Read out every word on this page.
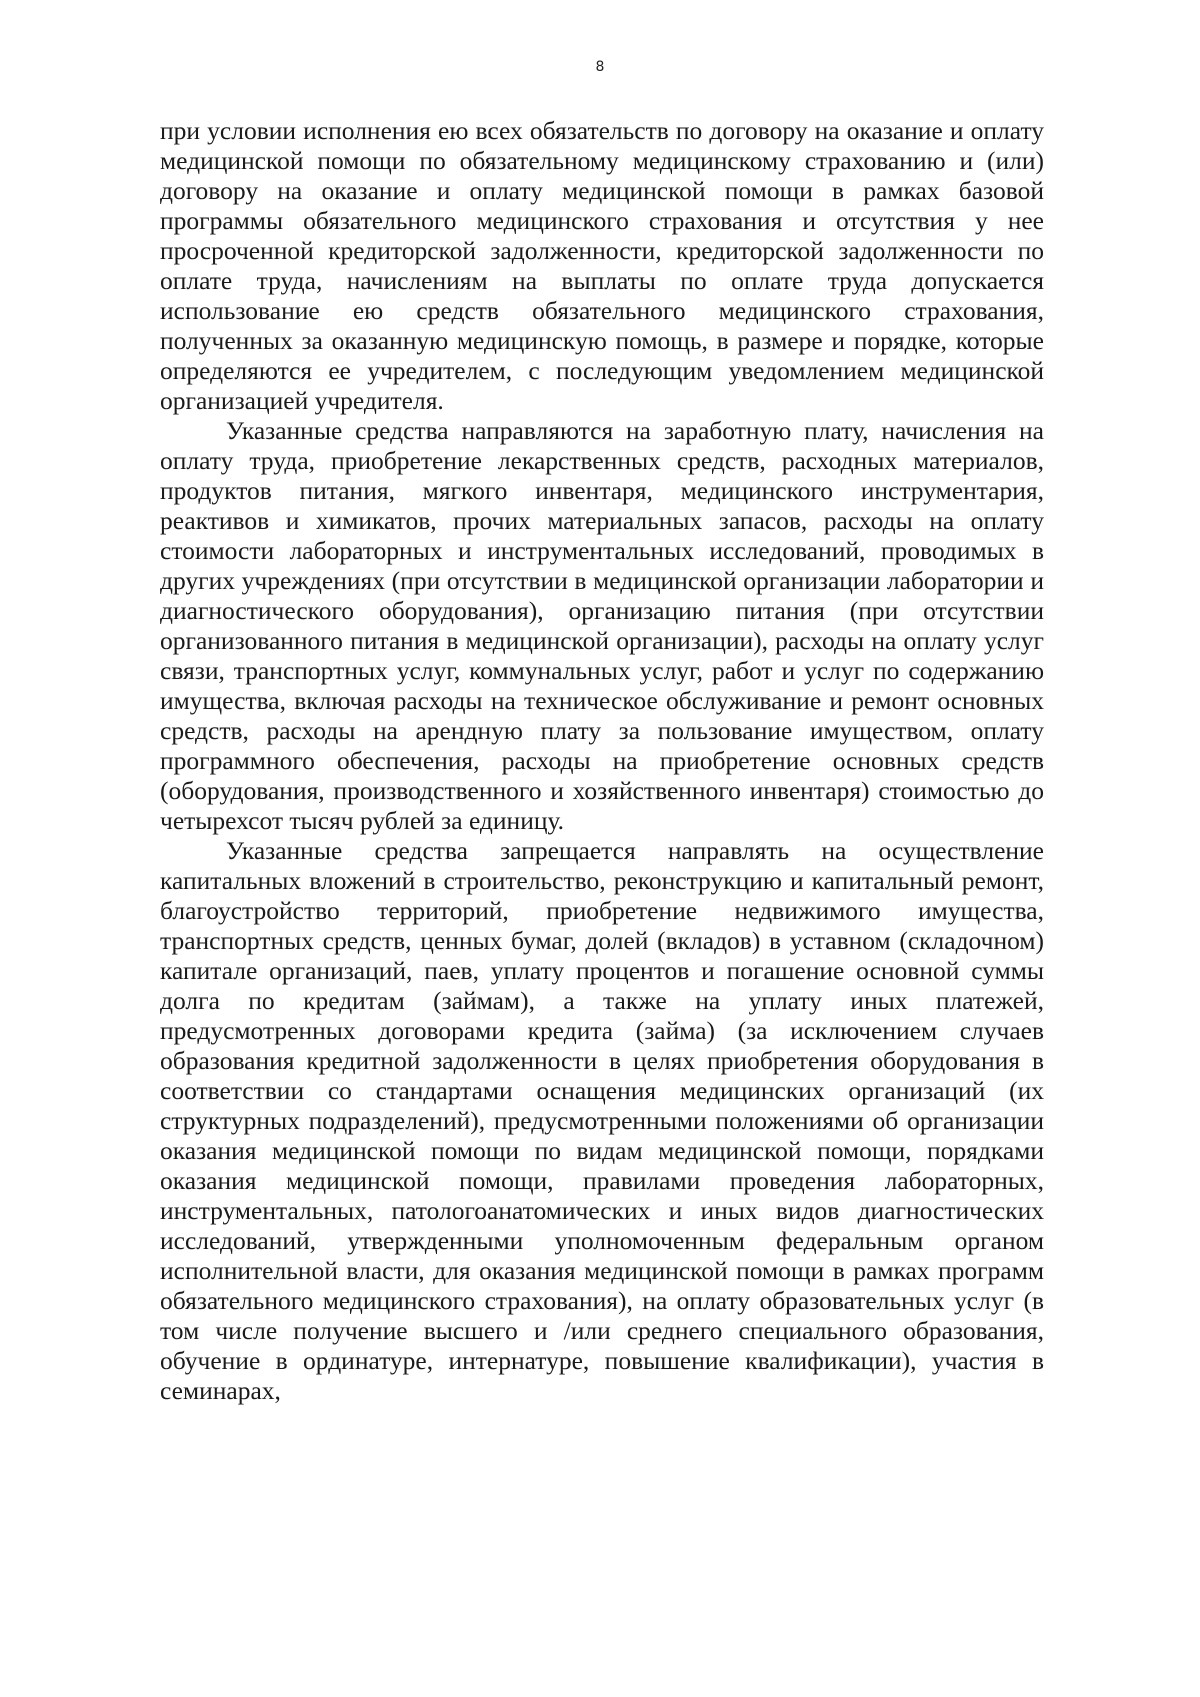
8

при условии исполнения ею всех обязательств по договору на оказание и оплату медицинской помощи по обязательному медицинскому страхованию и (или) договору на оказание и оплату медицинской помощи в рамках базовой программы обязательного медицинского страхования и отсутствия у нее просроченной кредиторской задолженности, кредиторской задолженности по оплате труда, начислениям на выплаты по оплате труда допускается использование ею средств обязательного медицинского страхования, полученных за оказанную медицинскую помощь, в размере и порядке, которые определяются ее учредителем, с последующим уведомлением медицинской организацией учредителя.

Указанные средства направляются на заработную плату, начисления на оплату труда, приобретение лекарственных средств, расходных материалов, продуктов питания, мягкого инвентаря, медицинского инструментария, реактивов и химикатов, прочих материальных запасов, расходы на оплату стоимости лабораторных и инструментальных исследований, проводимых в других учреждениях (при отсутствии в медицинской организации лаборатории и диагностического оборудования), организацию питания (при отсутствии организованного питания в медицинской организации), расходы на оплату услуг связи, транспортных услуг, коммунальных услуг, работ и услуг по содержанию имущества, включая расходы на техническое обслуживание и ремонт основных средств, расходы на арендную плату за пользование имуществом, оплату программного обеспечения, расходы на приобретение основных средств (оборудования, производственного и хозяйственного инвентаря) стоимостью до четырехсот тысяч рублей за единицу.

Указанные средства запрещается направлять на осуществление капитальных вложений в строительство, реконструкцию и капитальный ремонт, благоустройство территорий, приобретение недвижимого имущества, транспортных средств, ценных бумаг, долей (вкладов) в уставном (складочном) капитале организаций, паев, уплату процентов и погашение основной суммы долга по кредитам (займам), а также на уплату иных платежей, предусмотренных договорами кредита (займа) (за исключением случаев образования кредитной задолженности в целях приобретения оборудования в соответствии со стандартами оснащения медицинских организаций (их структурных подразделений), предусмотренными положениями об организации оказания медицинской помощи по видам медицинской помощи, порядками оказания медицинской помощи, правилами проведения лабораторных, инструментальных, патологоанатомических и иных видов диагностических исследований, утвержденными уполномоченным федеральным органом исполнительной власти, для оказания медицинской помощи в рамках программ обязательного медицинского страхования), на оплату образовательных услуг (в том числе получение высшего и /или среднего специального образования, обучение в ординатуре, интернатуре, повышение квалификации), участия в семинарах,
